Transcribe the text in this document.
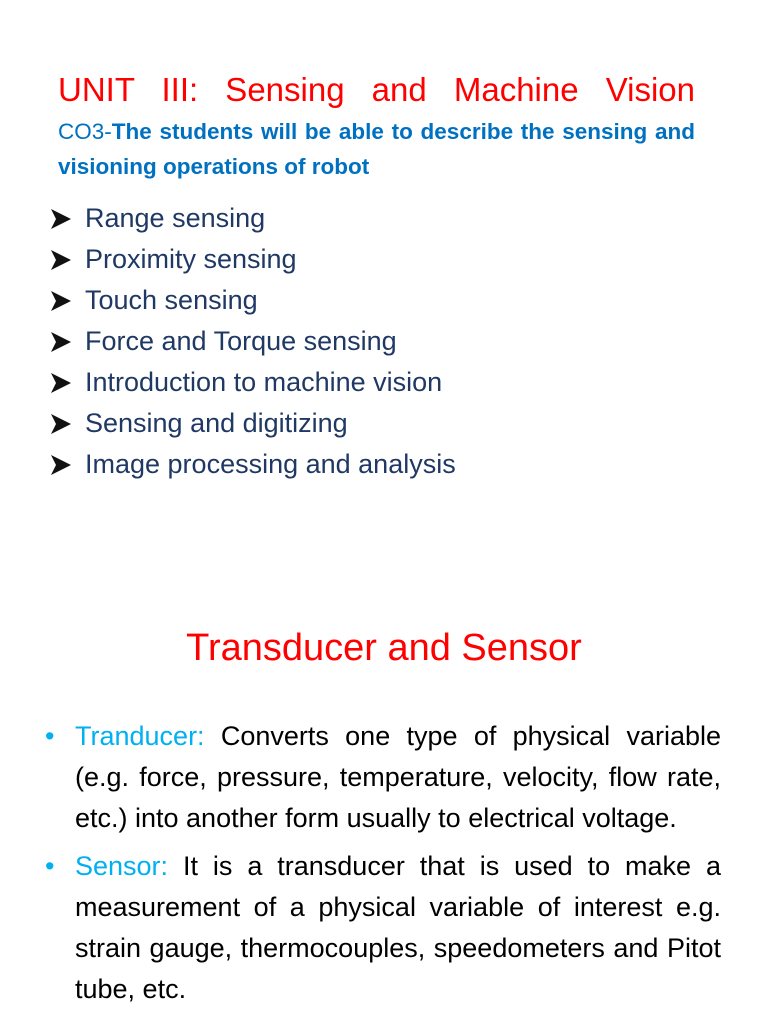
UNIT III: Sensing and Machine Vision
CO3-The students will be able to describe the sensing and visioning operations of robot
Range sensing
Proximity sensing
Touch sensing
Force and Torque sensing
Introduction to machine vision
Sensing and digitizing
Image processing and analysis
Transducer and Sensor
• Tranducer: Converts one type of physical variable (e.g. force, pressure, temperature, velocity, flow rate, etc.) into another form usually to electrical voltage.
• Sensor: It is a transducer that is used to make a measurement of a physical variable of interest e.g. strain gauge, thermocouples, speedometers and Pitot tube, etc.
